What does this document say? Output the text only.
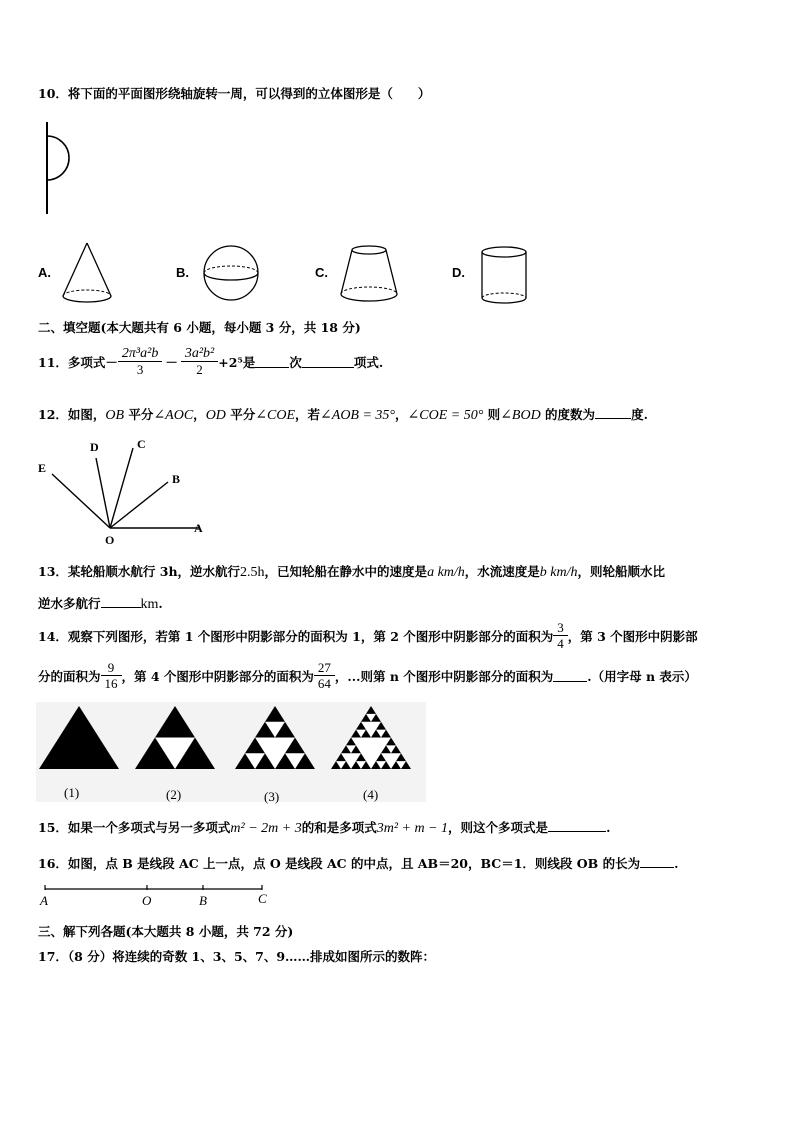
10．将下面的平面图形绕轴旋转一周，可以得到的立体图形是（　　）
A.	B.	C.	D.
二、填空题(本大题共有 6 小题，每小题 3 分，共 18 分)
11．多项式－ $\frac{\text{2π³a²b}}{3} - \frac{\text{3a²b²}}{2} +2^5$是	次	项式.
12．如图，OB 平分∠AOC，OD 平分∠COE，若∠AOB = 35°，∠COE = 50° 则∠BOD 的度数为	度.
E
D	C
B
A
O
13．某轮船顺水航行 3h，逆水航行2.5h，已知轮船在静水中的速度是a km/h，水流速度是b km/h，则轮船顺水比
逆水多航行	km.
14．观察下列图形，若第 1 个图形中阴影部分的面积为 1，第 2 个图形中阴影部分的面积为 $\frac{3}{4}$ ，第 3 个图形中阴影部
分的面积为 $\frac{9}{16}$ ，第 4 个图形中阴影部分的面积为 $\frac{27}{64}$ ，...则第 n 个图形中阴影部分的面积为	.（用字母 n 表示）
(1)	(2)	(3)	(4)
15．如果一个多项式与另一多项式m² − 2m + 3的和是多项式3m² + m − 1，则这个多项式是	.
16．如图，点 B 是线段 AC 上一点，点 O 是线段 AC 的中点，且 AB＝20，BC＝1．则线段 OB 的长为	.
A	O	B	C
三、解下列各题(本大题共 8 小题，共 72 分)
17．（8 分）将连续的奇数 1、3、5、7、9……排成如图所示的数阵：
